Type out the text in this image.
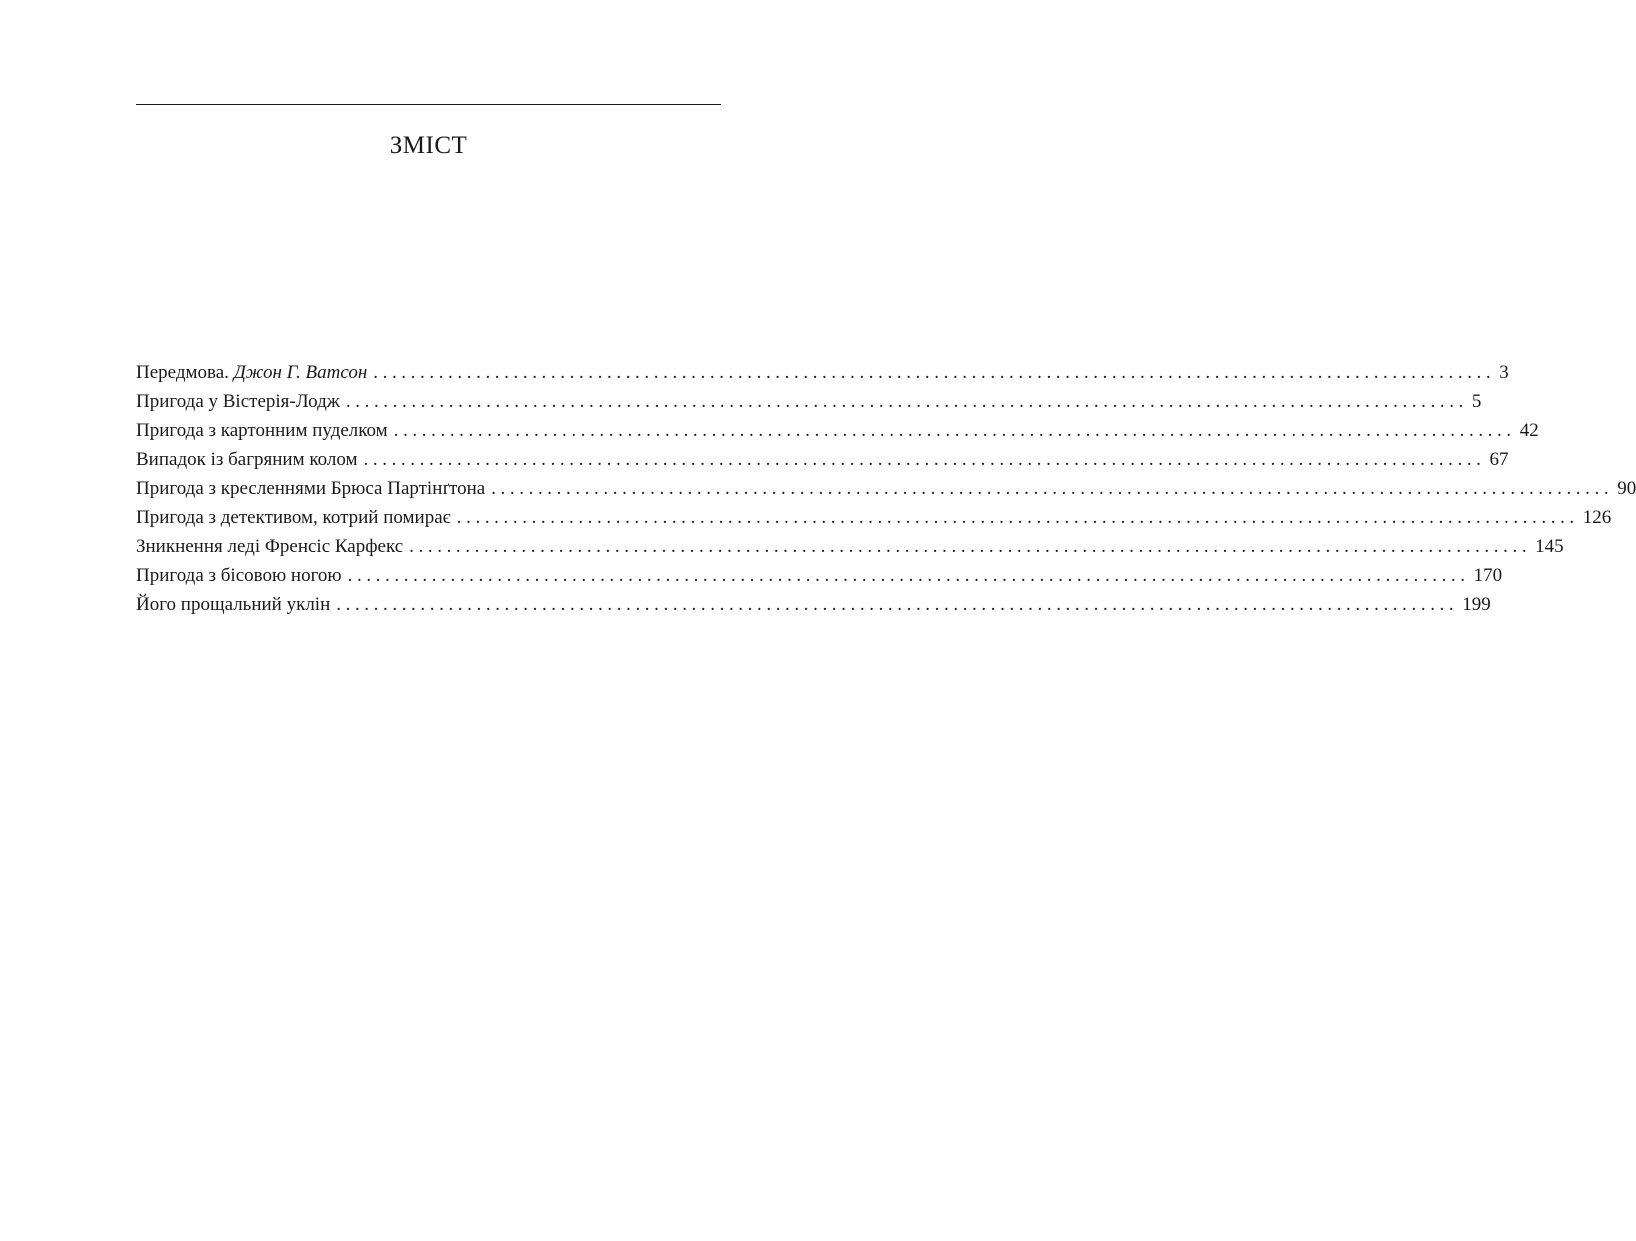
ЗМІСТ
Передмова. Джон Г. Ватсон ........................................................................................................................ 3
Пригода у Вістерія-Лодж ........................................................................................................................ 5
Пригода з картонним пуделком ........................................................................................................................ 42
Випадок із багряним колом ........................................................................................................................ 67
Пригода з кресленнями Брюса Партінґтона ........................................................................................................................ 90
Пригода з детективом, котрий помирає ........................................................................................................................ 126
Зникнення леді Френсіс Карфекс ........................................................................................................................ 145
Пригода з бісовою ногою ........................................................................................................................ 170
Його прощальний уклін ........................................................................................................................ 199
